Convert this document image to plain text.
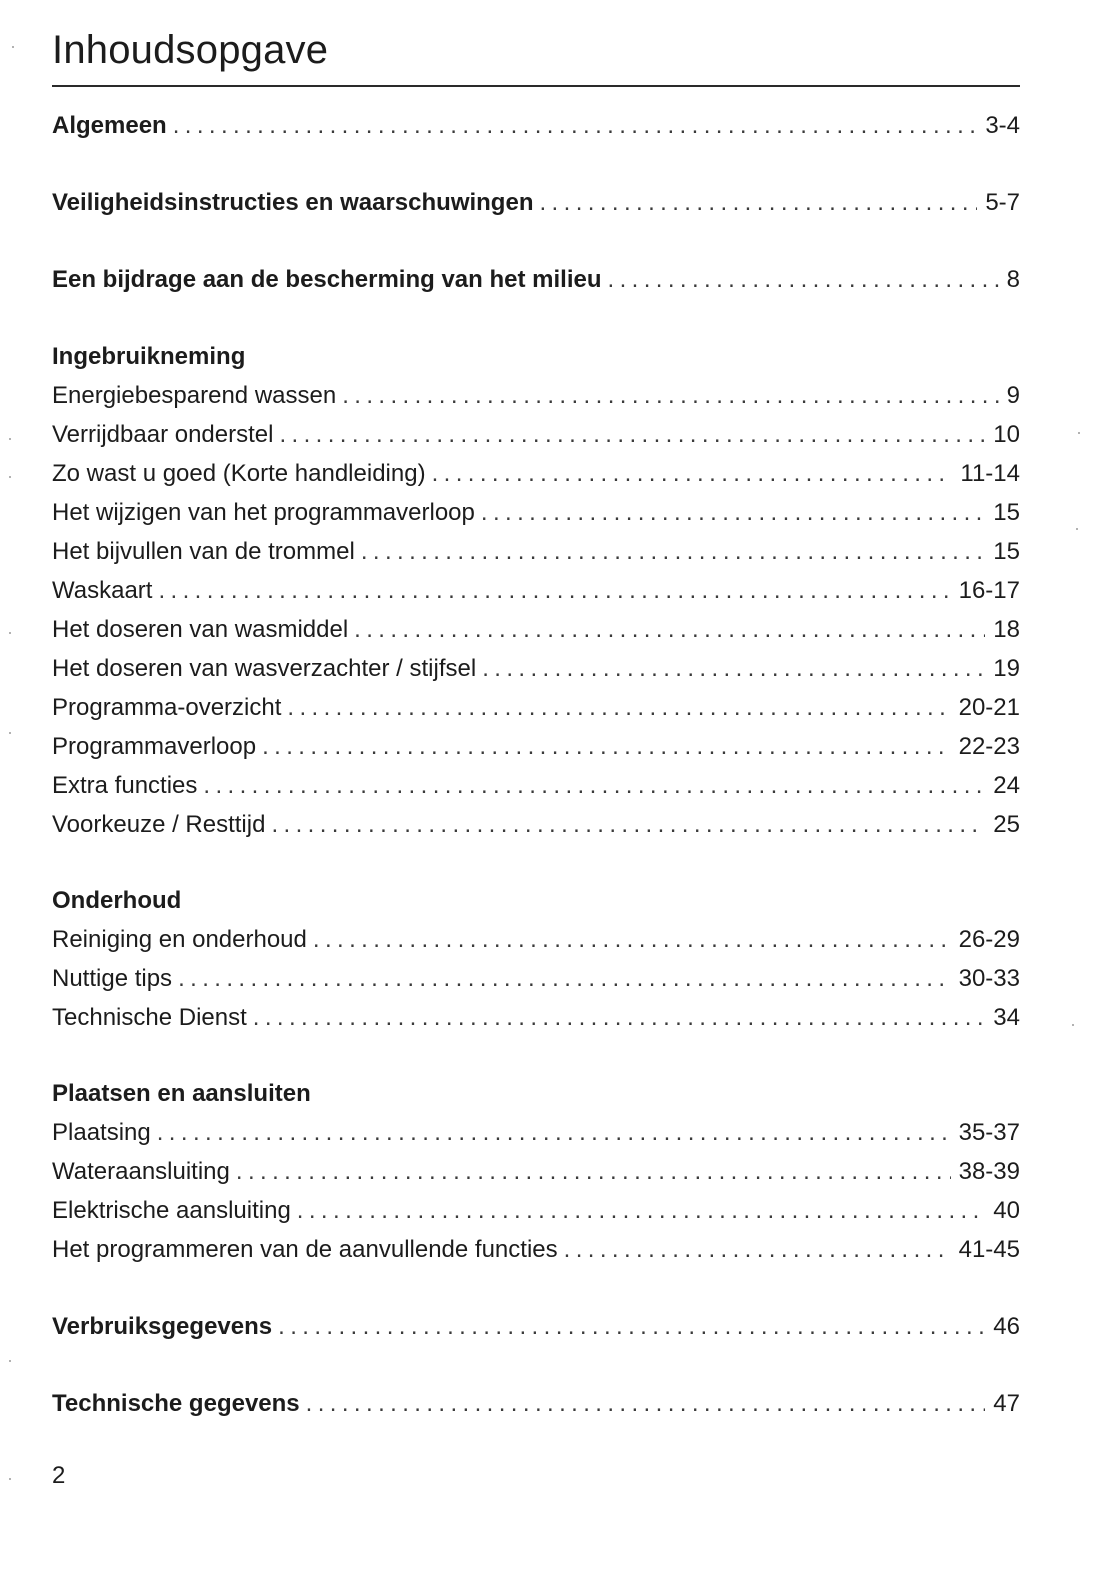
Inhoudsopgave
Algemeen .....	3-4
Veiligheidsinstructies en waarschuwingen .....	5-7
Een bijdrage aan de bescherming van het milieu .....	8
Ingebruikneming
Energiebesparend wassen .....	9
Verrijdbaar onderstel .....	10
Zo wast u goed (Korte handleiding) .....	11-14
Het wijzigen van het programmaverloop .....	15
Het bijvullen van de trommel .....	15
Waskaart .....	16-17
Het doseren van wasmiddel .....	18
Het doseren van wasverzachter / stijfsel .....	19
Programma-overzicht .....	20-21
Programmaverloop .....	22-23
Extra functies .....	24
Voorkeuze / Resttijd .....	25
Onderhoud
Reiniging en onderhoud .....	26-29
Nuttige tips .....	30-33
Technische Dienst .....	34
Plaatsen en aansluiten
Plaatsing .....	35-37
Wateraansluiting .....	38-39
Elektrische aansluiting .....	40
Het programmeren van de aanvullende functies .....	41-45
Verbruiksgegevens .....	46
Technische gegevens .....	47
2
